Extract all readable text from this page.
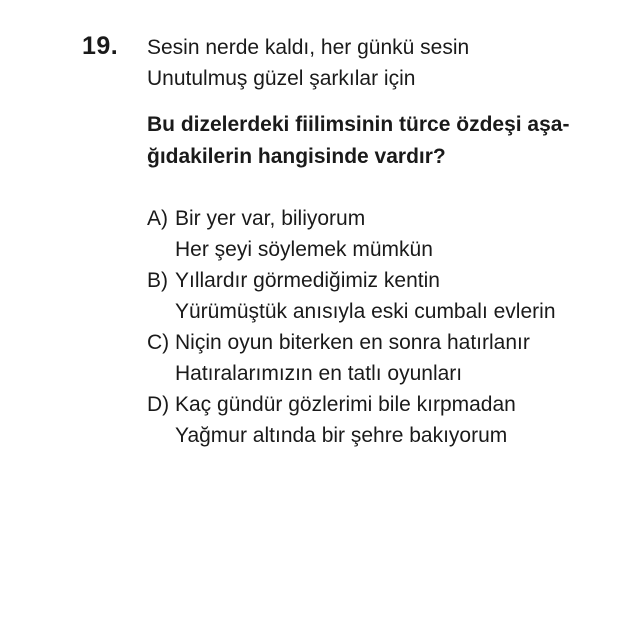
19. Sesin nerde kaldı, her günkü sesin
Unutulmuş güzel şarkılar için
Bu dizelerdeki fiilimsinin türce özdeşi aşa-
ğıdakilerin hangisinde vardır?
A) Bir yer var, biliyorum
Her şeyi söylemek mümkün
B) Yıllardır görmediğimiz kentin
Yürümüştük anısıyla eski cumbalı evlerin
C) Niçin oyun biterken en sonra hatırlanır
Hatıralarımızın en tatlı oyunları
D) Kaç gündür gözlerimi bile kırpmadan
Yağmur altında bir şehre bakıyorum
